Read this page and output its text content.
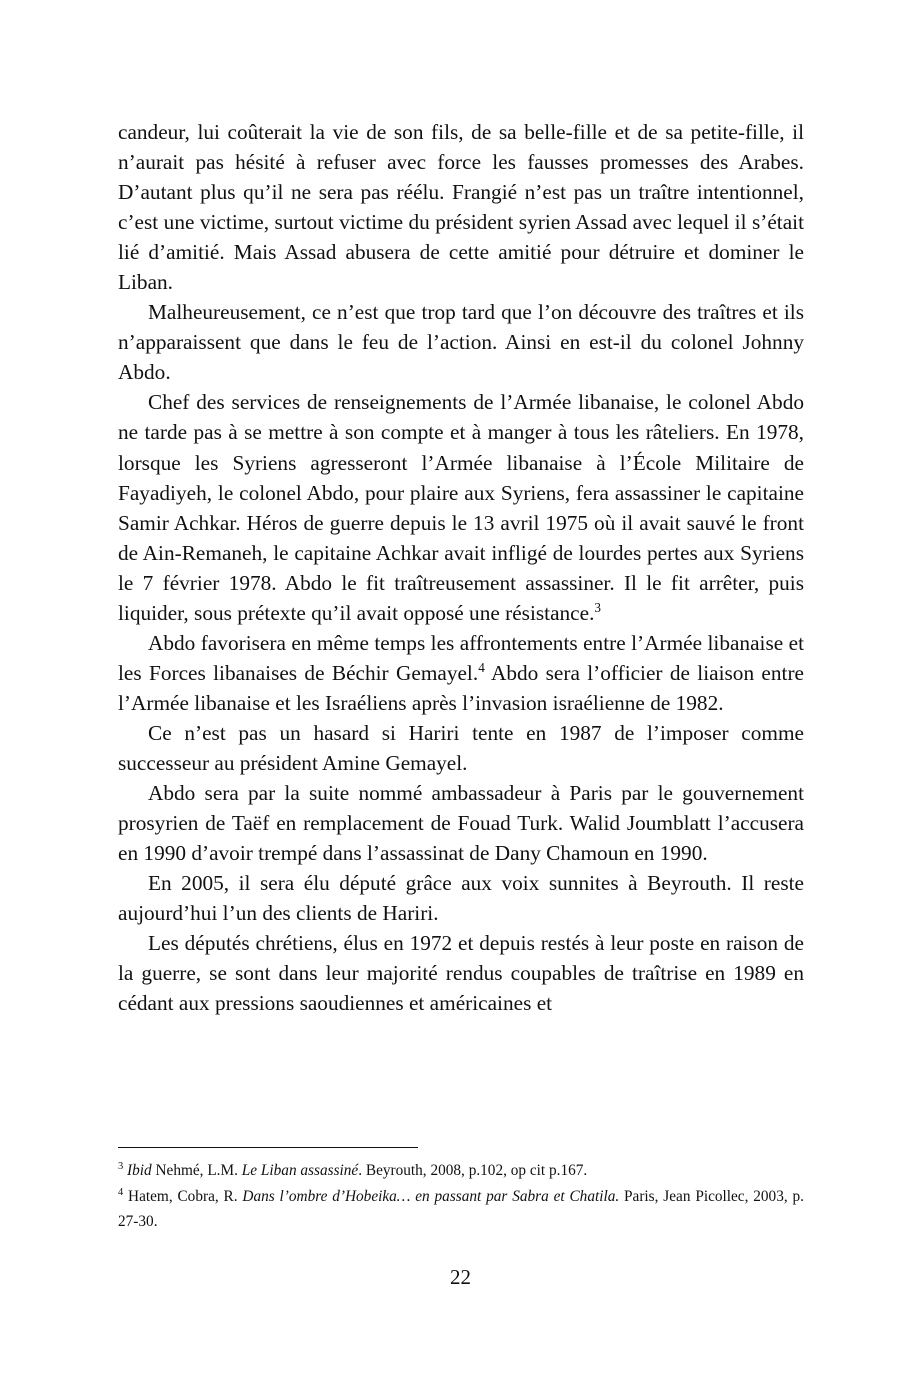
candeur, lui coûterait la vie de son fils, de sa belle-fille et de sa petite-fille, il n’aurait pas hésité à refuser avec force les fausses promesses des Arabes. D’autant plus qu’il ne sera pas réélu. Frangié n’est pas un traître intentionnel, c’est une victime, surtout victime du président syrien Assad avec lequel il s’était lié d’amitié. Mais Assad abusera de cette amitié pour détruire et dominer le Liban.

Malheureusement, ce n’est que trop tard que l’on découvre des traîtres et ils n’apparaissent que dans le feu de l’action. Ainsi en est-il du colonel Johnny Abdo.

Chef des services de renseignements de l’Armée libanaise, le colonel Abdo ne tarde pas à se mettre à son compte et à manger à tous les râteliers. En 1978, lorsque les Syriens agresseront l’Armée libanaise à l’École Militaire de Fayadiyeh, le colonel Abdo, pour plaire aux Syriens, fera assassiner le capitaine Samir Achkar. Héros de guerre depuis le 13 avril 1975 où il avait sauvé le front de Ain-Remaneh, le capitaine Achkar avait infligé de lourdes pertes aux Syriens le 7 février 1978. Abdo le fit traîtreusement assassiner. Il le fit arrêter, puis liquider, sous prétexte qu’il avait opposé une résistance.$^3$

Abdo favorisera en même temps les affrontements entre l’Armée libanaise et les Forces libanaises de Béchir Gemayel.$^4$ Abdo sera l’officier de liaison entre l’Armée libanaise et les Israéliens après l’invasion israélienne de 1982.

Ce n’est pas un hasard si Hariri tente en 1987 de l’imposer comme successeur au président Amine Gemayel.

Abdo sera par la suite nommé ambassadeur à Paris par le gouvernement prosyrien de Taëf en remplacement de Fouad Turk. Walid Joumblatt l’accusera en 1990 d’avoir trempé dans l’assassinat de Dany Chamoun en 1990.

En 2005, il sera élu député grâce aux voix sunnites à Beyrouth. Il reste aujourd’hui l’un des clients de Hariri.

Les députés chrétiens, élus en 1972 et depuis restés à leur poste en raison de la guerre, se sont dans leur majorité rendus coupables de traîtrise en 1989 en cédant aux pressions saoudiennes et américaines et

$^3$ Ibid Nehmé, L.M. Le Liban assassiné. Beyrouth, 2008, p.102, op cit p.167.

$^4$ Hatem, Cobra, R. Dans l’ombre d’Hobeika… en passant par Sabra et Chatila. Paris, Jean Picollec, 2003, p. 27-30.

22
